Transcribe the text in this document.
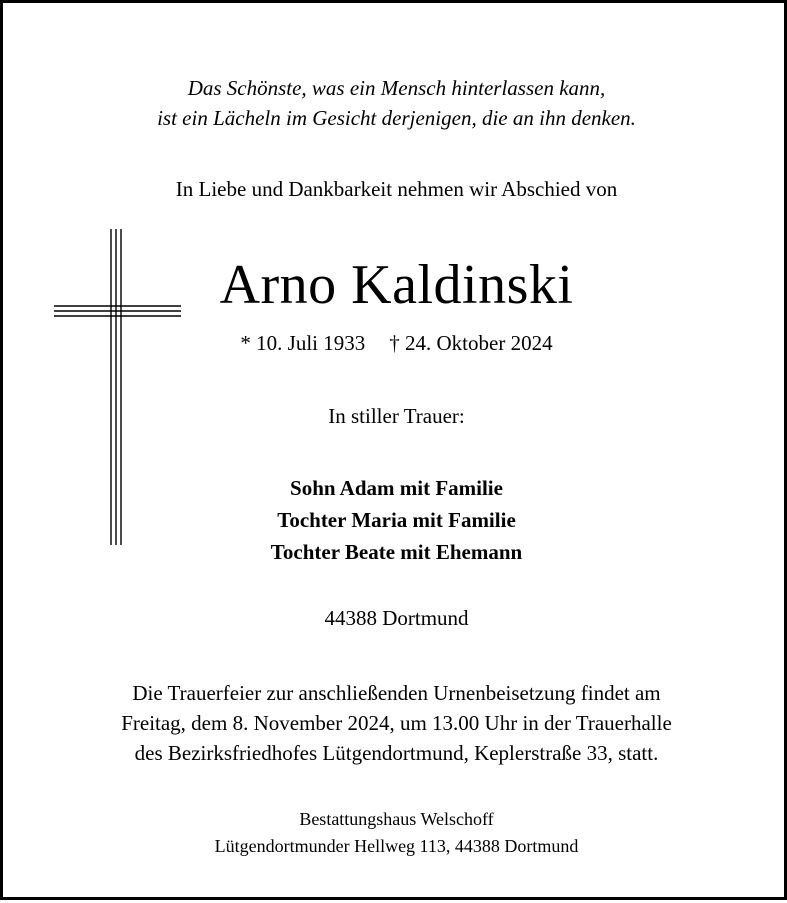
Das Schönste, was ein Mensch hinterlassen kann,
ist ein Lächeln im Gesicht derjenigen, die an ihn denken.
In Liebe und Dankbarkeit nehmen wir Abschied von
Arno Kaldinski
* 10. Juli 1933 † 24. Oktober 2024
In stiller Trauer:
Sohn Adam mit Familie
Tochter Maria mit Familie
Tochter Beate mit Ehemann
44388 Dortmund
Die Trauerfeier zur anschließenden Urnenbeisetzung findet am
Freitag, dem 8. November 2024, um 13.00 Uhr in der Trauerhalle
des Bezirksfriedhofes Lütgendortmund, Keplerstraße 33, statt.
Bestattungshaus Welschoff
Lütgendortmunder Hellweg 113, 44388 Dortmund
